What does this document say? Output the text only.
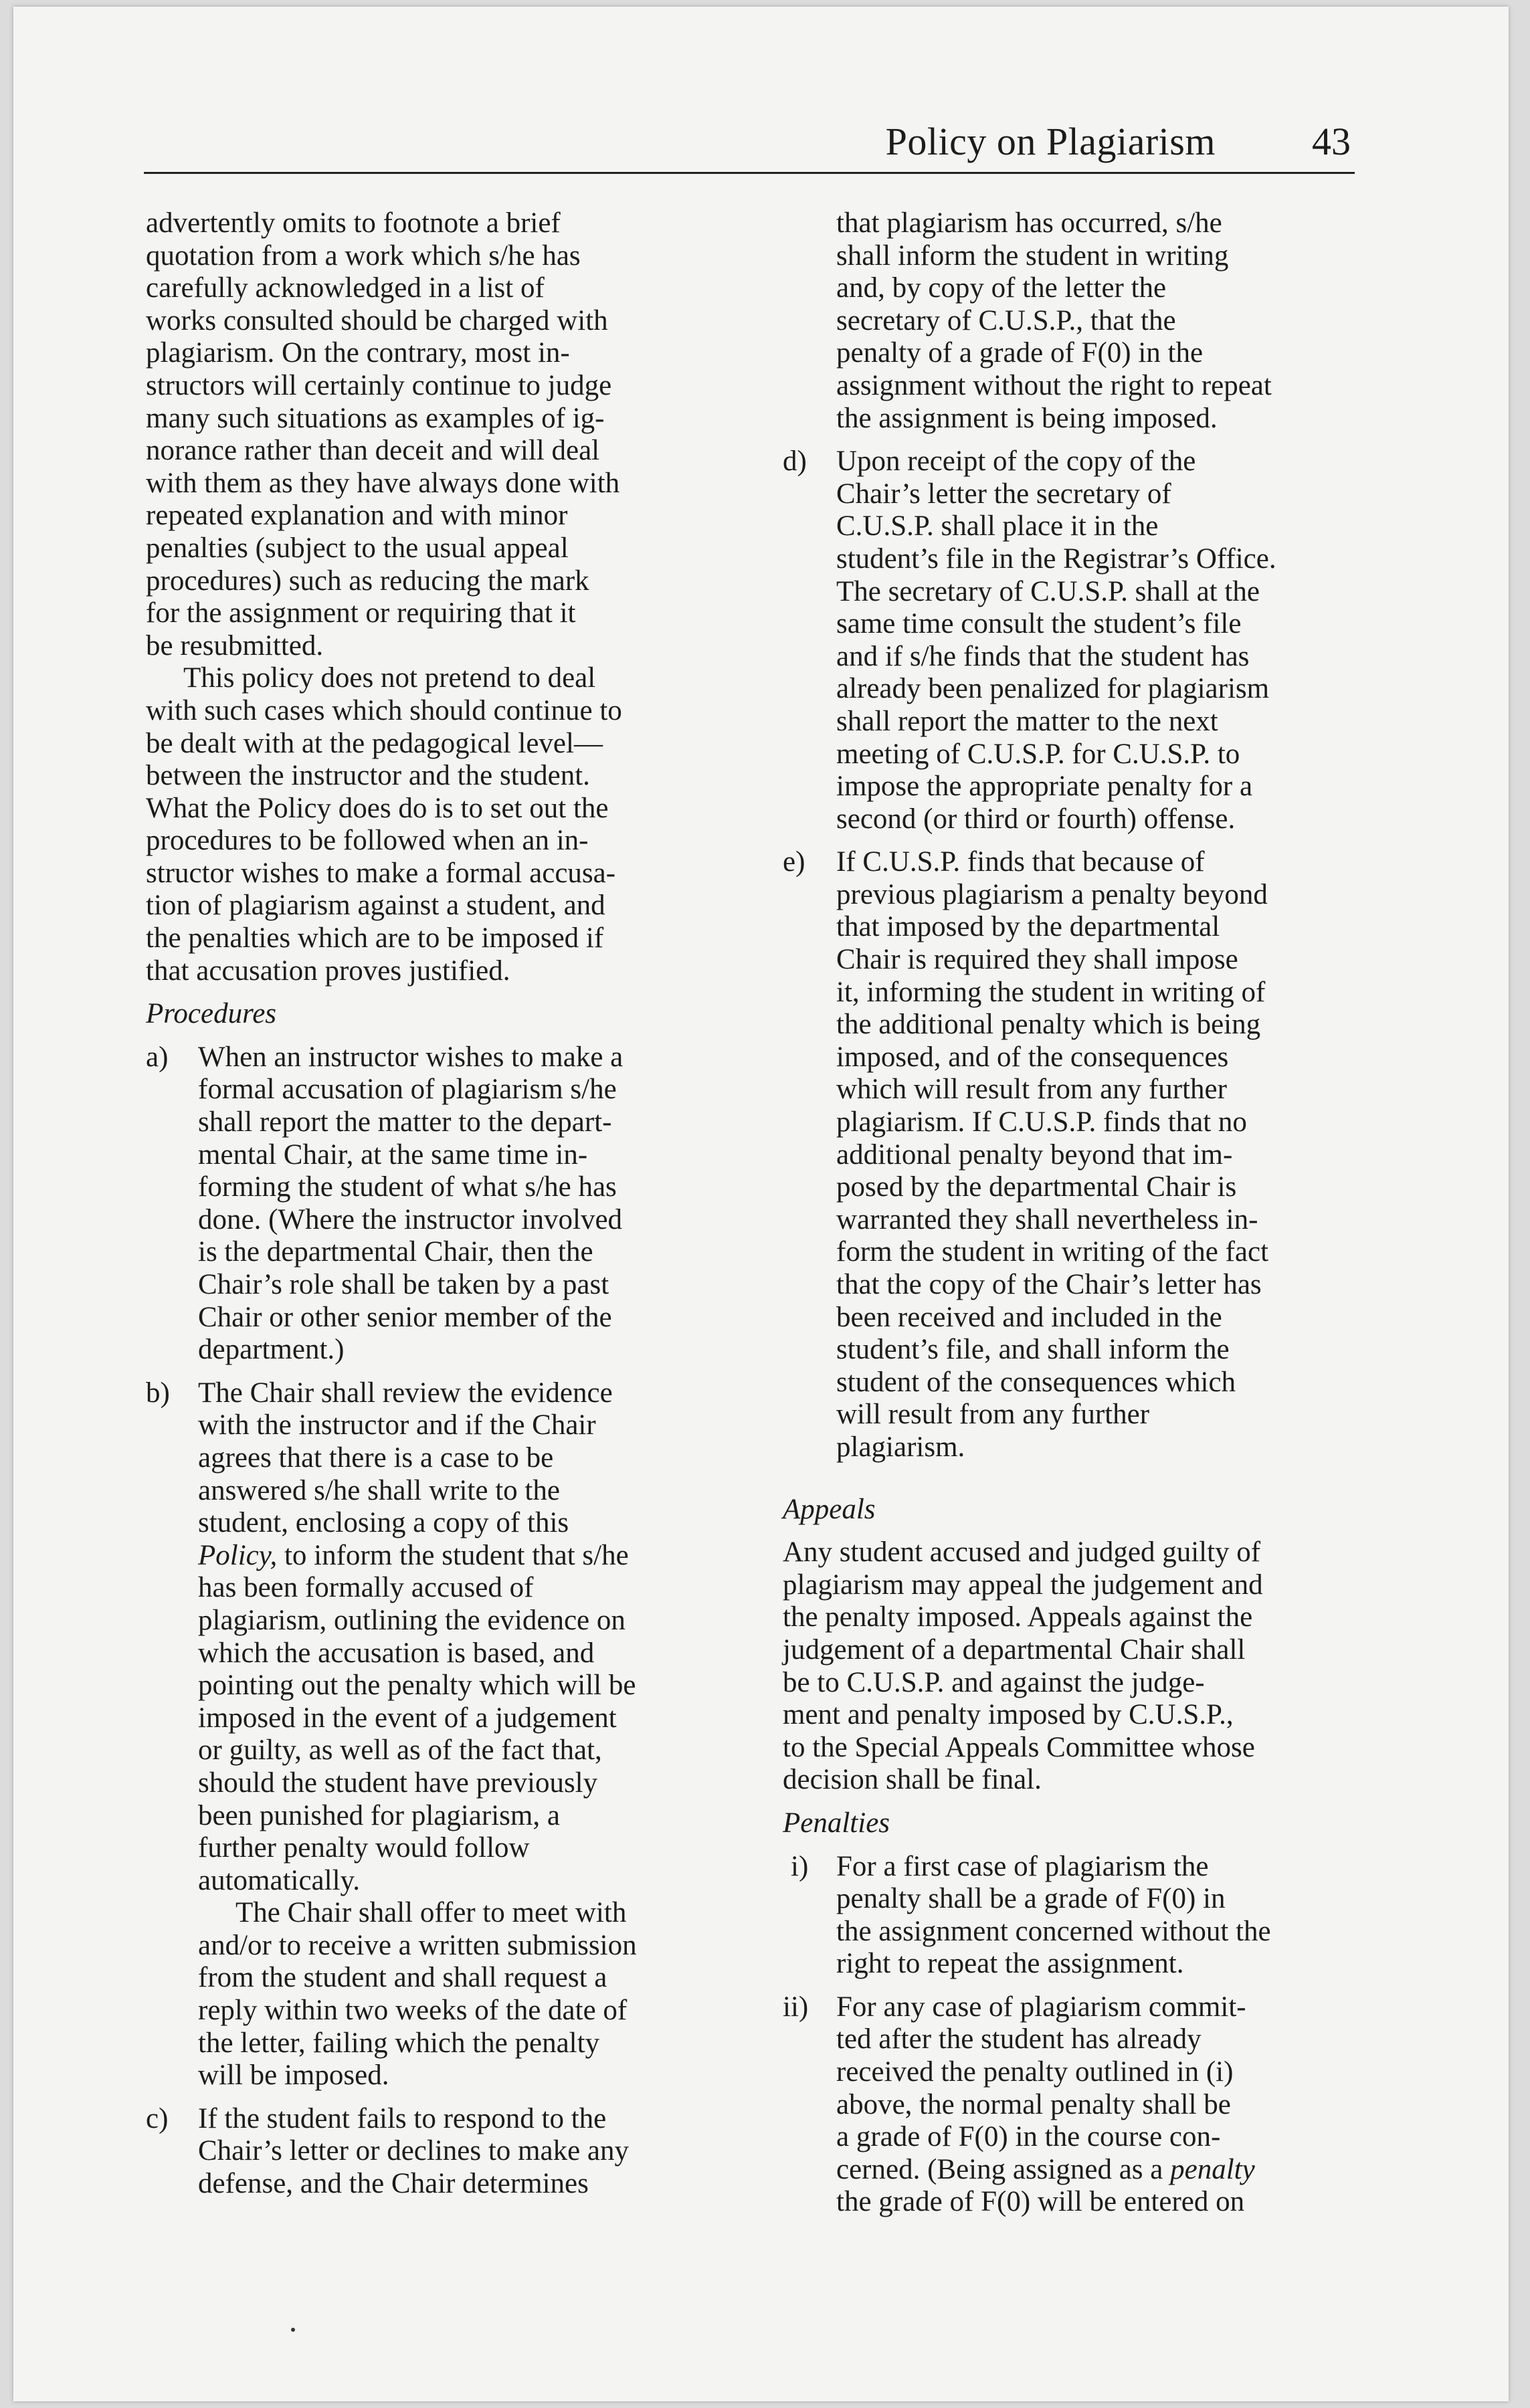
Policy on Plagiarism 43
advertently omits to footnote a brief
quotation from a work which s/he has
carefully acknowledged in a list of
works consulted should be charged with
plagiarism. On the contrary, most in-
structors will certainly continue to judge
many such situations as examples of ig-
norance rather than deceit and will deal
with them as they have always done with
repeated explanation and with minor
penalties (subject to the usual appeal
procedures) such as reducing the mark
for the assignment or requiring that it
be resubmitted.
This policy does not pretend to deal
with such cases which should continue to
be dealt with at the pedagogical level—
between the instructor and the student.
What the Policy does do is to set out the
procedures to be followed when an in-
structor wishes to make a formal accusa-
tion of plagiarism against a student, and
the penalties which are to be imposed if
that accusation proves justified.
Procedures
a) When an instructor wishes to make a
formal accusation of plagiarism s/he
shall report the matter to the depart-
mental Chair, at the same time in-
forming the student of what s/he has
done. (Where the instructor involved
is the departmental Chair, then the
Chair’s role shall be taken by a past
Chair or other senior member of the
department.)
b) The Chair shall review the evidence
with the instructor and if the Chair
agrees that there is a case to be
answered s/he shall write to the
student, enclosing a copy of this
Policy, to inform the student that s/he
has been formally accused of
plagiarism, outlining the evidence on
which the accusation is based, and
pointing out the penalty which will be
imposed in the event of a judgement
or guilty, as well as of the fact that,
should the student have previously
been punished for plagiarism, a
further penalty would follow
automatically.
The Chair shall offer to meet with
and/or to receive a written submission
from the student and shall request a
reply within two weeks of the date of
the letter, failing which the penalty
will be imposed.
c) If the student fails to respond to the
Chair’s letter or declines to make any
defense, and the Chair determines
that plagiarism has occurred, s/he
shall inform the student in writing
and, by copy of the letter the
secretary of C.U.S.P., that the
penalty of a grade of F(0) in the
assignment without the right to repeat
the assignment is being imposed.
d) Upon receipt of the copy of the
Chair’s letter the secretary of
C.U.S.P. shall place it in the
student’s file in the Registrar’s Office.
The secretary of C.U.S.P. shall at the
same time consult the student’s file
and if s/he finds that the student has
already been penalized for plagiarism
shall report the matter to the next
meeting of C.U.S.P. for C.U.S.P. to
impose the appropriate penalty for a
second (or third or fourth) offense.
e) If C.U.S.P. finds that because of
previous plagiarism a penalty beyond
that imposed by the departmental
Chair is required they shall impose
it, informing the student in writing of
the additional penalty which is being
imposed, and of the consequences
which will result from any further
plagiarism. If C.U.S.P. finds that no
additional penalty beyond that im-
posed by the departmental Chair is
warranted they shall nevertheless in-
form the student in writing of the fact
that the copy of the Chair’s letter has
been received and included in the
student’s file, and shall inform the
student of the consequences which
will result from any further
plagiarism.
Appeals
Any student accused and judged guilty of
plagiarism may appeal the judgement and
the penalty imposed. Appeals against the
judgement of a departmental Chair shall
be to C.U.S.P. and against the judge-
ment and penalty imposed by C.U.S.P.,
to the Special Appeals Committee whose
decision shall be final.
Penalties
i) For a first case of plagiarism the
penalty shall be a grade of F(0) in
the assignment concerned without the
right to repeat the assignment.
ii) For any case of plagiarism commit-
ted after the student has already
received the penalty outlined in (i)
above, the normal penalty shall be
a grade of F(0) in the course con-
cerned. (Being assigned as a penalty
the grade of F(0) will be entered on
